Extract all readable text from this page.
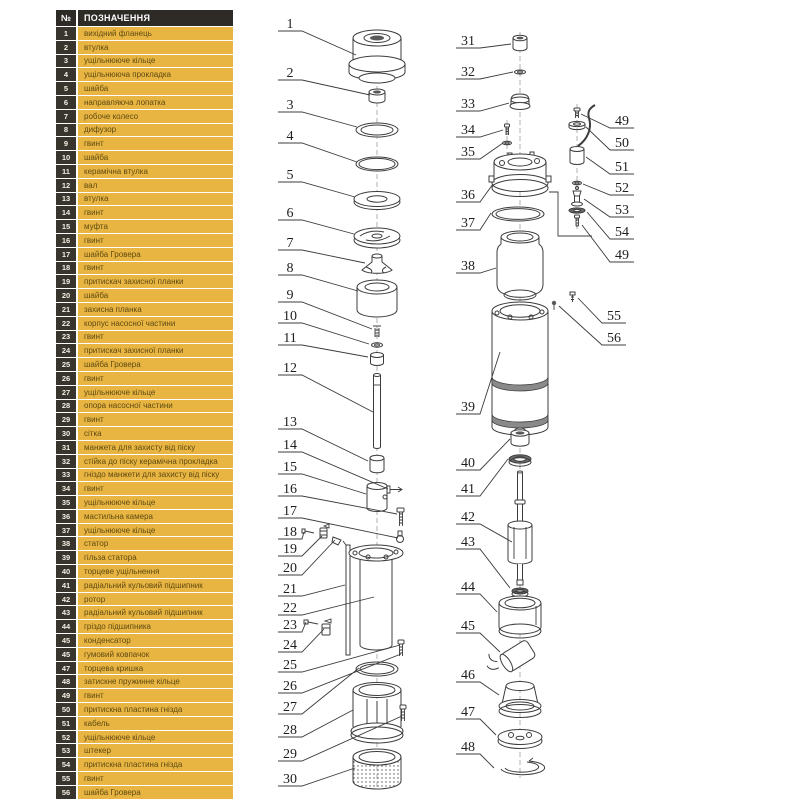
№	ПОЗНАЧЕННЯ
1	вихідний фланець
2	втулка
3	ущільнююче кільце
4	ущільнююча прокладка
5	шайба
6	направляюча лопатка
7	робоче колесо
8	дифузор
9	гвинт
10	шайба
11	керамічна втулка
12	вал
13	втулка
14	гвинт
15	муфта
16	гвинт
17	шайба Гровера
18	гвинт
19	притискач захисної планки
20	шайба
21	захисна планка
22	корпус насосної частини
23	гвинт
24	притискач захисної планки
25	шайба Гровера
26	гвинт
27	ущільнююче кільце
28	опора насосної частини
29	гвинт
30	сітка
31	манжета для захисту від піску
32	стійка до піску керамічна прокладка
33	гніздо манжети для захисту від піску
34	гвинт
35	ущільнююче кільце
36	мастильна камера
37	ущільнююче кільце
38	статор
39	гільза статора
40	торцеве ущільнення
41	радіальний кульовий підшипник
42	ротор
43	радіальний кульовий підшипник
44	гріздо підшипника
45	конденсатор
45	гумовий ковпачок
47	торцева кришка
48	затискне пружинне кільце
49	гвинт
50	притискна пластина гнізда
51	кабель
52	ущільнююче кільце
53	штекер
54	притискна пластина гнізда
55	гвинт
56	шайба Гровера
1
2
3
4
5
6
7
8
9
10
11
12
13
14
15
16
17
18
19
20
21
22
23
24
25
26
27
28
29
30
31
32
33
34
35
36
37
38
39
40
41
42
43
44
45
46
47
48
49
50
51
52
53
54
49
55
56
